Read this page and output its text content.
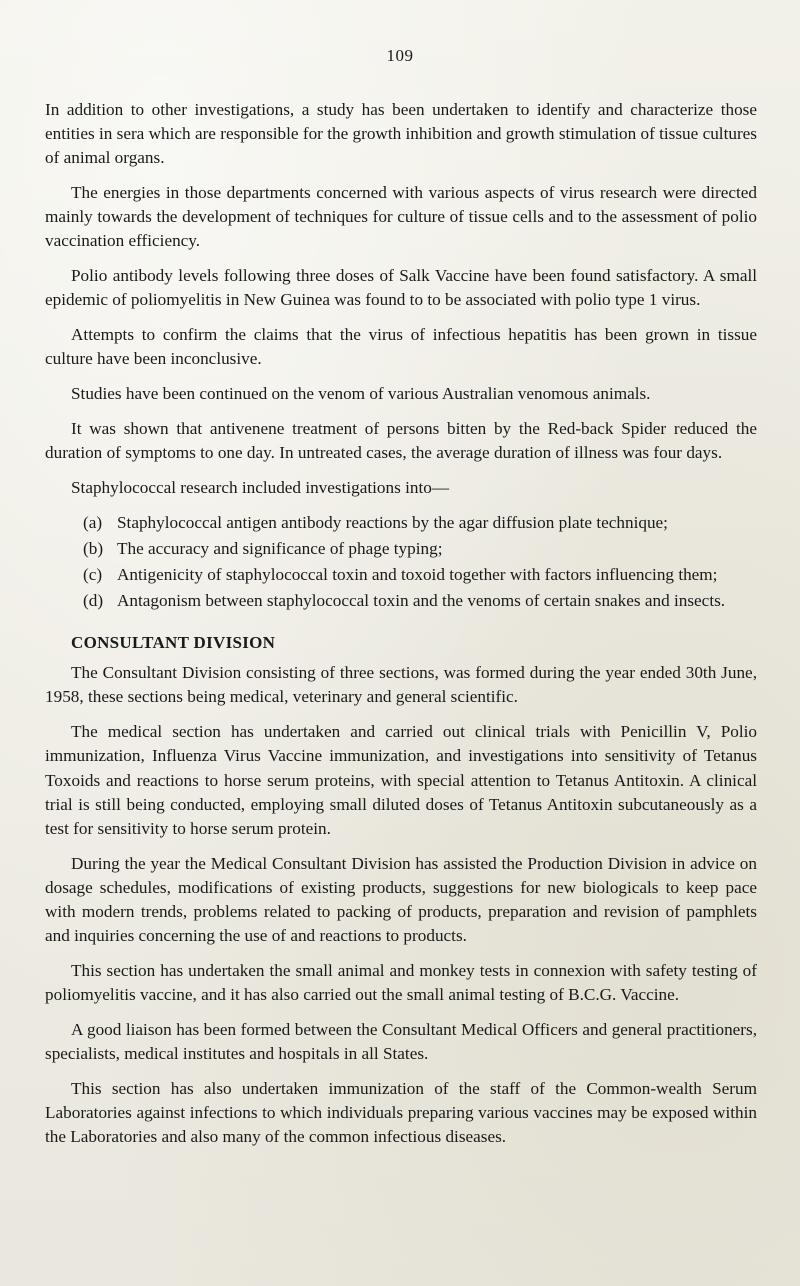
109

In addition to other investigations, a study has been undertaken to identify and characterize those entities in sera which are responsible for the growth inhibition and growth stimulation of tissue cultures of animal organs.

The energies in those departments concerned with various aspects of virus research were directed mainly towards the development of techniques for culture of tissue cells and to the assessment of polio vaccination efficiency.

Polio antibody levels following three doses of Salk Vaccine have been found satisfactory. A small epidemic of poliomyelitis in New Guinea was found to to be associated with polio type 1 virus.

Attempts to confirm the claims that the virus of infectious hepatitis has been grown in tissue culture have been inconclusive.

Studies have been continued on the venom of various Australian venomous animals.

It was shown that antivenene treatment of persons bitten by the Red-back Spider reduced the duration of symptoms to one day. In untreated cases, the average duration of illness was four days.

Staphylococcal research included investigations into—

(a) Staphylococcal antigen antibody reactions by the agar diffusion plate technique;
(b) The accuracy and significance of phage typing;
(c) Antigenicity of staphylococcal toxin and toxoid together with factors influencing them;
(d) Antagonism between staphylococcal toxin and the venoms of certain snakes and insects.
CONSULTANT DIVISION

The Consultant Division consisting of three sections, was formed during the year ended 30th June, 1958, these sections being medical, veterinary and general scientific.

The medical section has undertaken and carried out clinical trials with Penicillin V, Polio immunization, Influenza Virus Vaccine immunization, and investigations into sensitivity of Tetanus Toxoids and reactions to horse serum proteins, with special attention to Tetanus Antitoxin. A clinical trial is still being conducted, employing small diluted doses of Tetanus Antitoxin subcutaneously as a test for sensitivity to horse serum protein.

During the year the Medical Consultant Division has assisted the Production Division in advice on dosage schedules, modifications of existing products, suggestions for new biologicals to keep pace with modern trends, problems related to packing of products, preparation and revision of pamphlets and inquiries concerning the use of and reactions to products.

This section has undertaken the small animal and monkey tests in connexion with safety testing of poliomyelitis vaccine, and it has also carried out the small animal testing of B.C.G. Vaccine.

A good liaison has been formed between the Consultant Medical Officers and general practitioners, specialists, medical institutes and hospitals in all States.

This section has also undertaken immunization of the staff of the Common-wealth Serum Laboratories against infections to which individuals preparing various vaccines may be exposed within the Laboratories and also many of the common infectious diseases.
